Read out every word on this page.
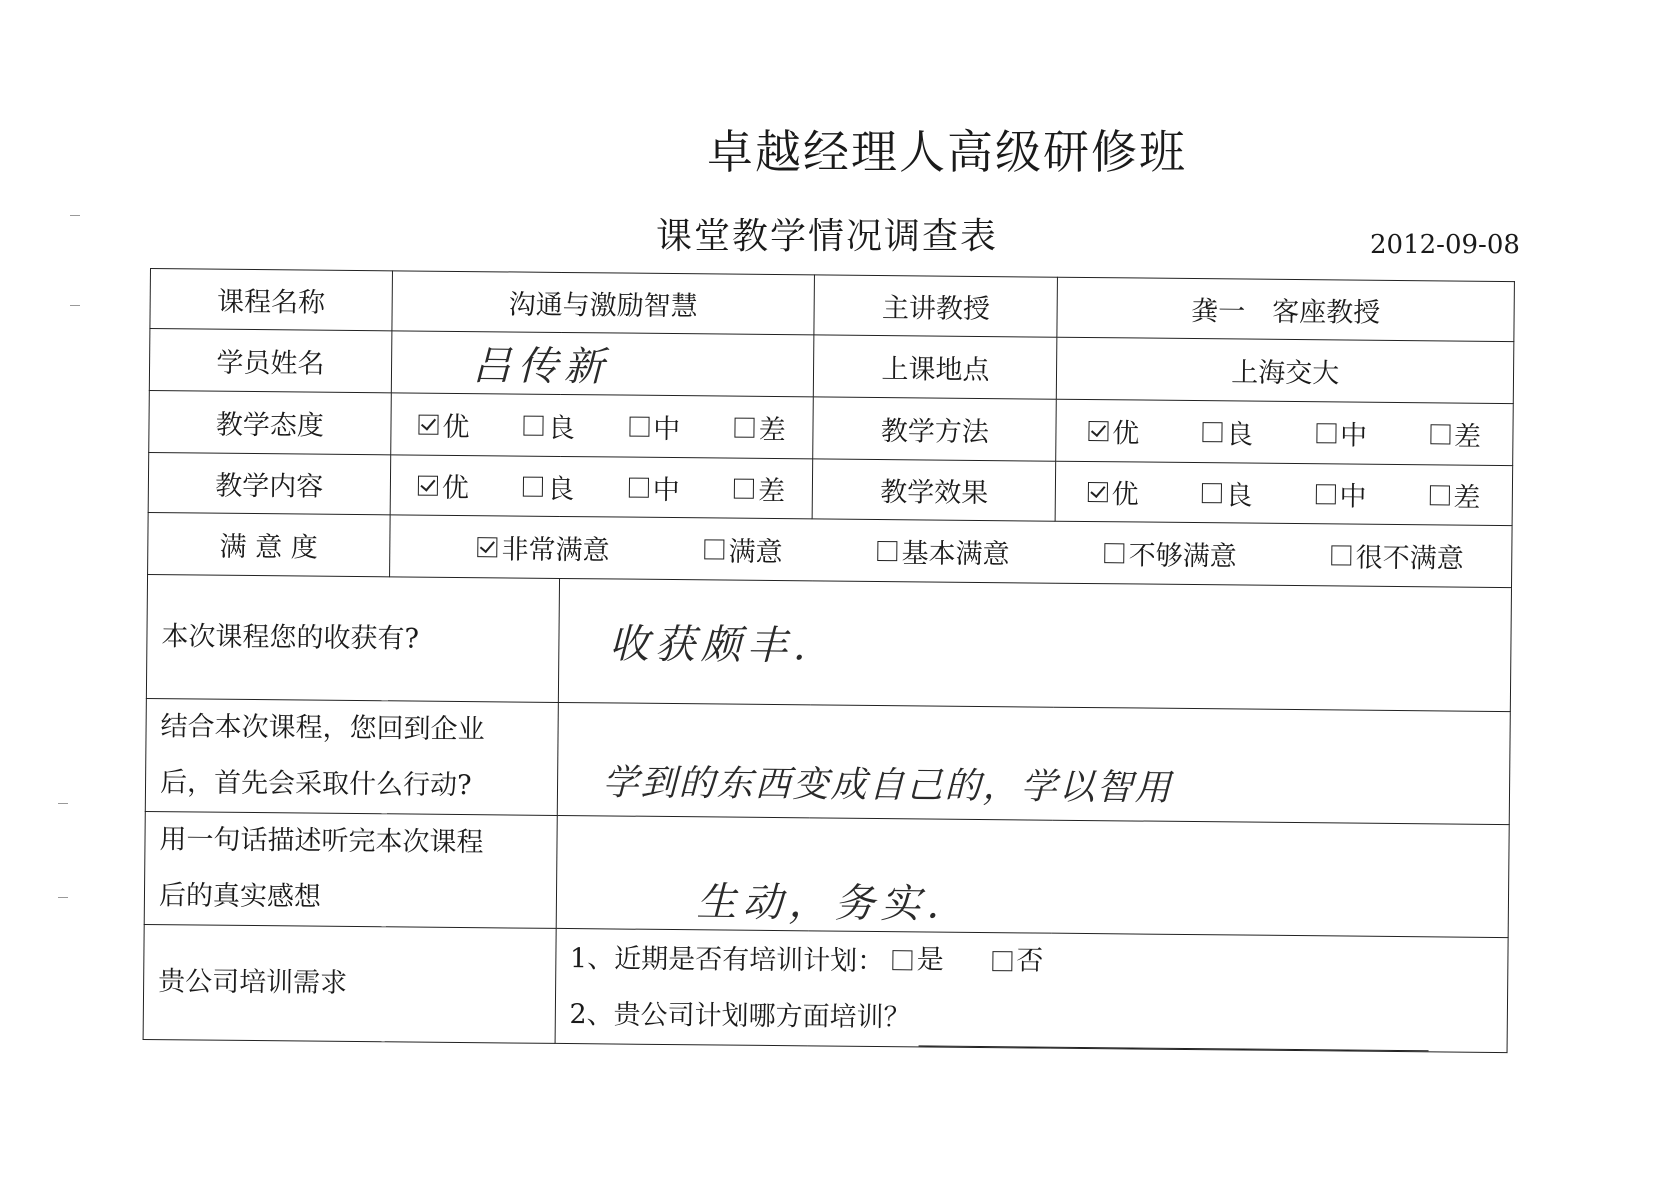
卓越经理人高级研修班
课堂教学情况调查表	2012-09-08
课程名称	沟通与激励智慧		主讲教授	龚一　客座教授
学员姓名	吕传新		上课地点	上海交大
教学态度	优 良 中 差		教学方法	优 良 中 差

教学内容	优 良 中 差		教学效果	优 良 中 差

满 意 度	非常满意 满意 基本满意 不够满意 很不满意			

本次课程您的收获有?		收获颇丰.		

结合本次课程，您回到企业
后，首先会采取什么行动?		学到的东西变成自己的，学以智用		

用一句话描述听完本次课程
后的真实感想		生动，务实.		
贵公司培训需求		1、近期是否有培训计划： 是
否
2、贵公司计划哪方面培训？		
